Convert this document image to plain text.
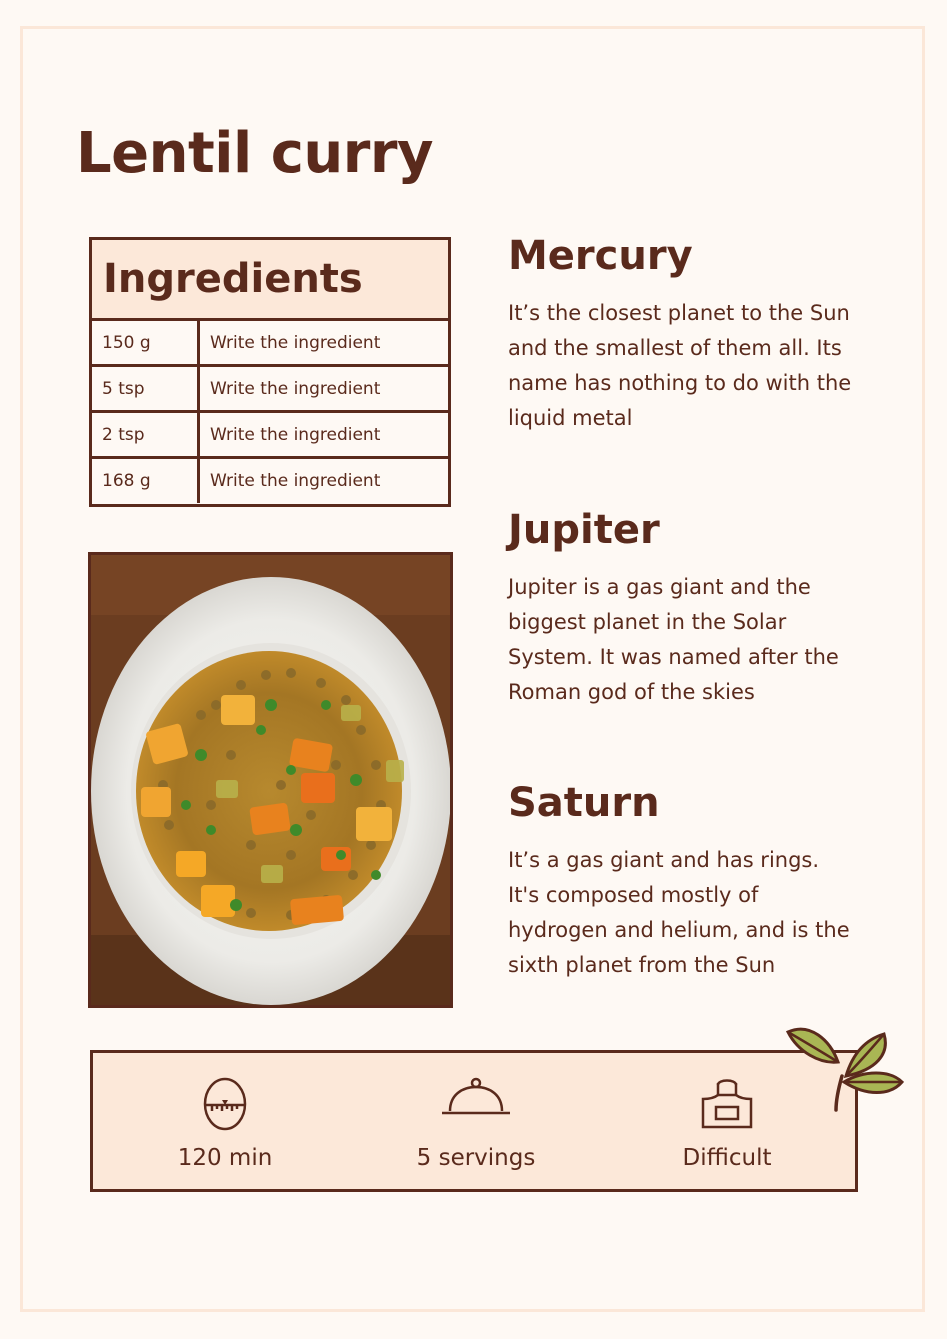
Lentil curry
Ingredients
150 g	Write the ingredient
5 tsp	Write the ingredient
2 tsp	Write the ingredient
168 g	Write the ingredient
Mercury

It’s the closest planet to the Sun and the smallest of them all. Its name has nothing to do with the liquid metal

Jupiter

Jupiter is a gas giant and the biggest planet in the Solar System. It was named after the Roman god of the skies

Saturn

It’s a gas giant and has rings. It's composed mostly of hydrogen and helium, and is the sixth planet from the Sun

120 min	5 servings	Difficult
